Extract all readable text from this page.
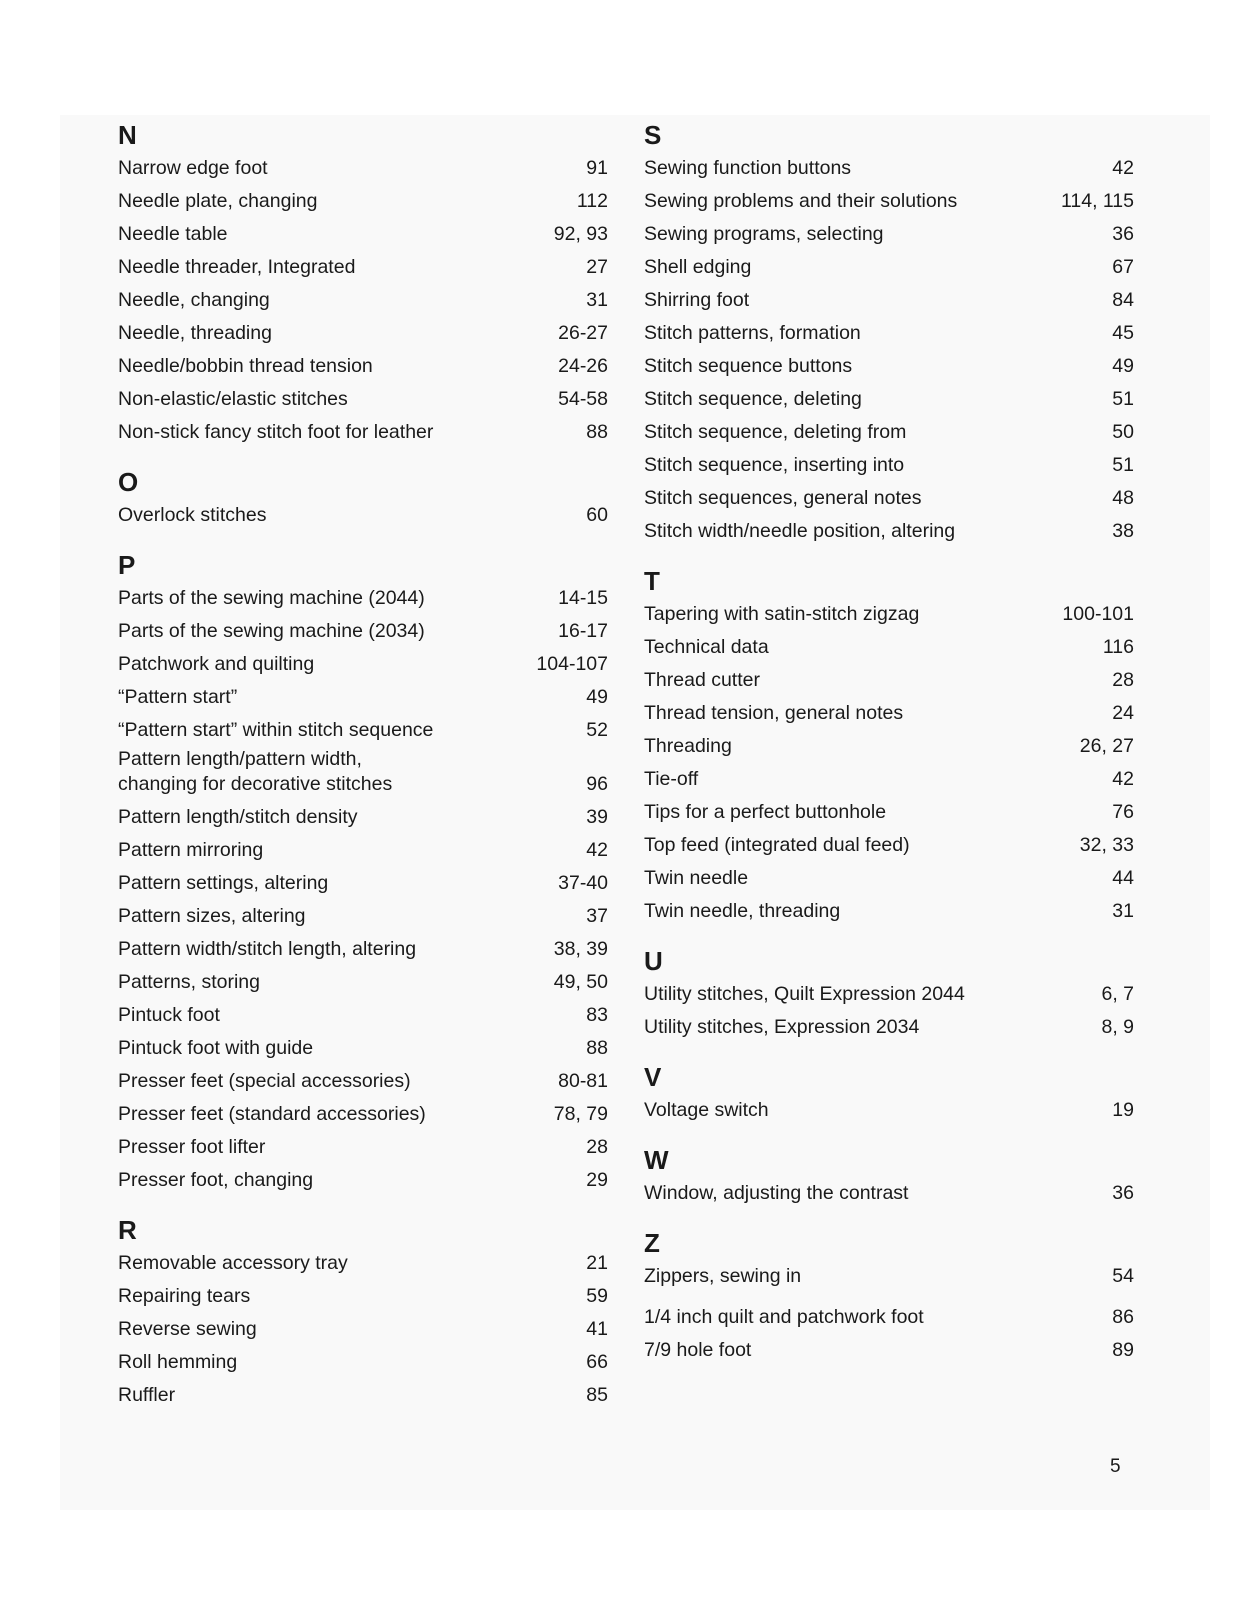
N
Narrow edge foot	91
Needle plate, changing	112
Needle table	92, 93
Needle threader, Integrated	27
Needle, changing	31
Needle, threading	26-27
Needle/bobbin thread tension	24-26
Non-elastic/elastic stitches	54-58
Non-stick fancy stitch foot for leather	88
O
Overlock stitches	60
P
Parts of the sewing machine (2044)	14-15
Parts of the sewing machine (2034)	16-17
Patchwork and quilting	104-107
“Pattern start”	49
“Pattern start” within stitch sequence	52
Pattern length/pattern width,
changing for decorative stitches	96
Pattern length/stitch density	39
Pattern mirroring	42
Pattern settings, altering	37-40
Pattern sizes, altering	37
Pattern width/stitch length, altering	38, 39
Patterns, storing	49, 50
Pintuck foot	83
Pintuck foot with guide	88
Presser feet (special accessories)	80-81
Presser feet (standard accessories)	78, 79
Presser foot lifter	28
Presser foot, changing	29
R
Removable accessory tray	21
Repairing tears	59
Reverse sewing	41
Roll hemming	66
Ruffler	85
S
Sewing function buttons	42
Sewing problems and their solutions	114, 115
Sewing programs, selecting	36
Shell edging	67
Shirring foot	84
Stitch patterns, formation	45
Stitch sequence buttons	49
Stitch sequence, deleting	51
Stitch sequence, deleting from	50
Stitch sequence, inserting into	51
Stitch sequences, general notes	48
Stitch width/needle position, altering	38
T
Tapering with satin-stitch zigzag	100-101
Technical data	116
Thread cutter	28
Thread tension, general notes	24
Threading	26, 27
Tie-off	42
Tips for a perfect buttonhole	76
Top feed (integrated dual feed)	32, 33
Twin needle	44
Twin needle, threading	31
U
Utility stitches, Quilt Expression 2044	6, 7
Utility stitches, Expression 2034	8, 9
V
Voltage switch	19
W
Window, adjusting the contrast	36
Z
Zippers, sewing in	54
1/4 inch quilt and patchwork foot	86
7/9 hole foot	89
5
